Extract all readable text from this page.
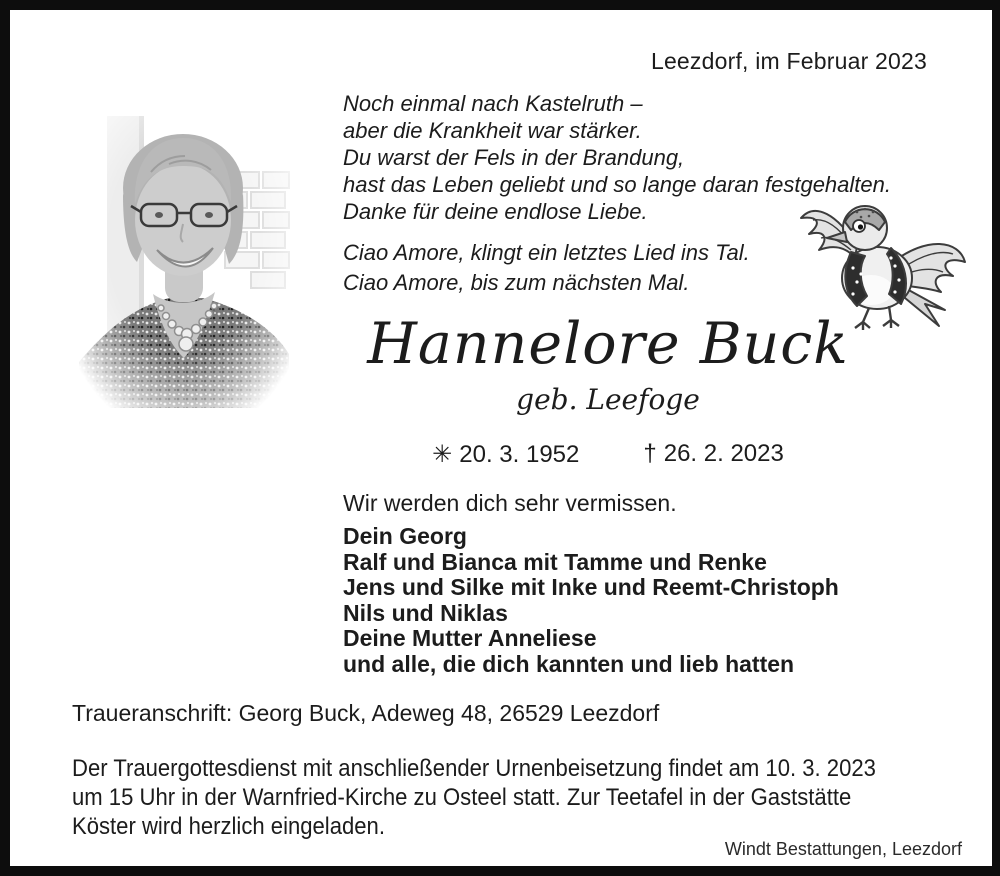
Leezdorf, im Februar 2023
Noch einmal nach Kastelruth –
aber die Krankheit war stärker.
Du warst der Fels in der Brandung,
hast das Leben geliebt und so lange daran festgehalten.
Danke für deine endlose Liebe.
Ciao Amore, klingt ein letztes Lied ins Tal.
Ciao Amore, bis zum nächsten Mal.
Hannelore Buck
geb. Leefoge
✳ 20. 3. 1952	† 26. 2. 2023
Wir werden dich sehr vermissen.
Dein Georg
Ralf und Bianca mit Tamme und Renke
Jens und Silke mit Inke und Reemt-Christoph
Nils und Niklas
Deine Mutter Anneliese
und alle, die dich kannten und lieb hatten
Traueranschrift: Georg Buck, Adeweg 48, 26529 Leezdorf
Der Trauergottesdienst mit anschließender Urnenbeisetzung findet am 10. 3. 2023
um 15 Uhr in der Warnfried-Kirche zu Osteel statt. Zur Teetafel in der Gaststätte
Köster wird herzlich eingeladen.
Windt Bestattungen, Leezdorf
